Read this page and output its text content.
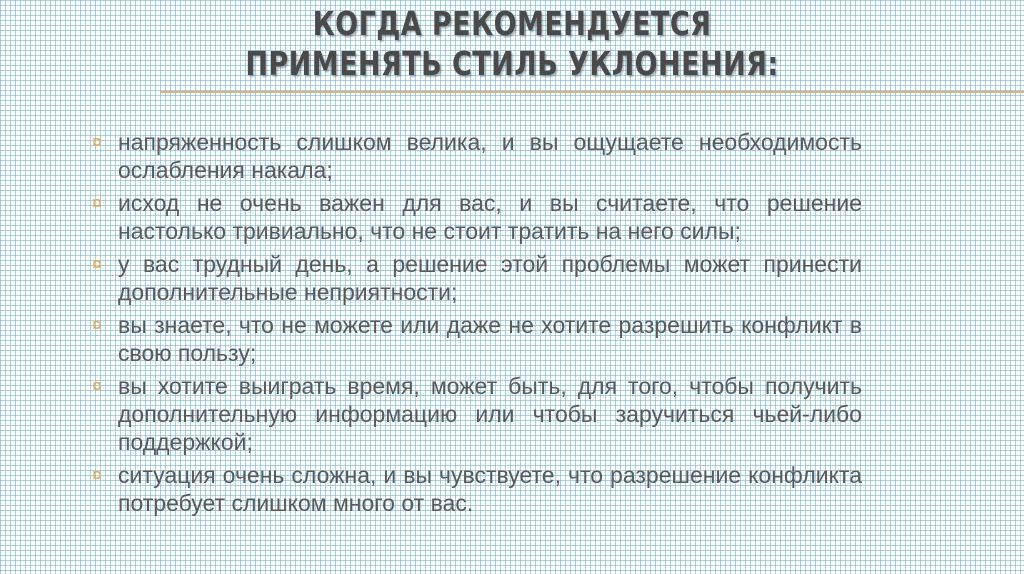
КОГДА РЕКОМЕНДУЕТСЯ ПРИМЕНЯТЬ СТИЛЬ УКЛОНЕНИЯ:
¤ напряженность слишком велика, и вы ощущаете необходимость ослабления накала;
¤ исход не очень важен для вас, и вы считаете, что решение настолько тривиально, что не стоит тратить на него силы;
¤ у вас трудный день, а решение этой проблемы может принести дополнительные неприятности;
¤ вы знаете, что не можете или даже не хотите разрешить конфликт в свою пользу;
¤ вы хотите выиграть время, может быть, для того, чтобы получить дополнительную информацию или чтобы заручиться чьей-либо поддержкой;
¤ ситуация очень сложна, и вы чувствуете, что разрешение конфликта потребует слишком много от вас.
